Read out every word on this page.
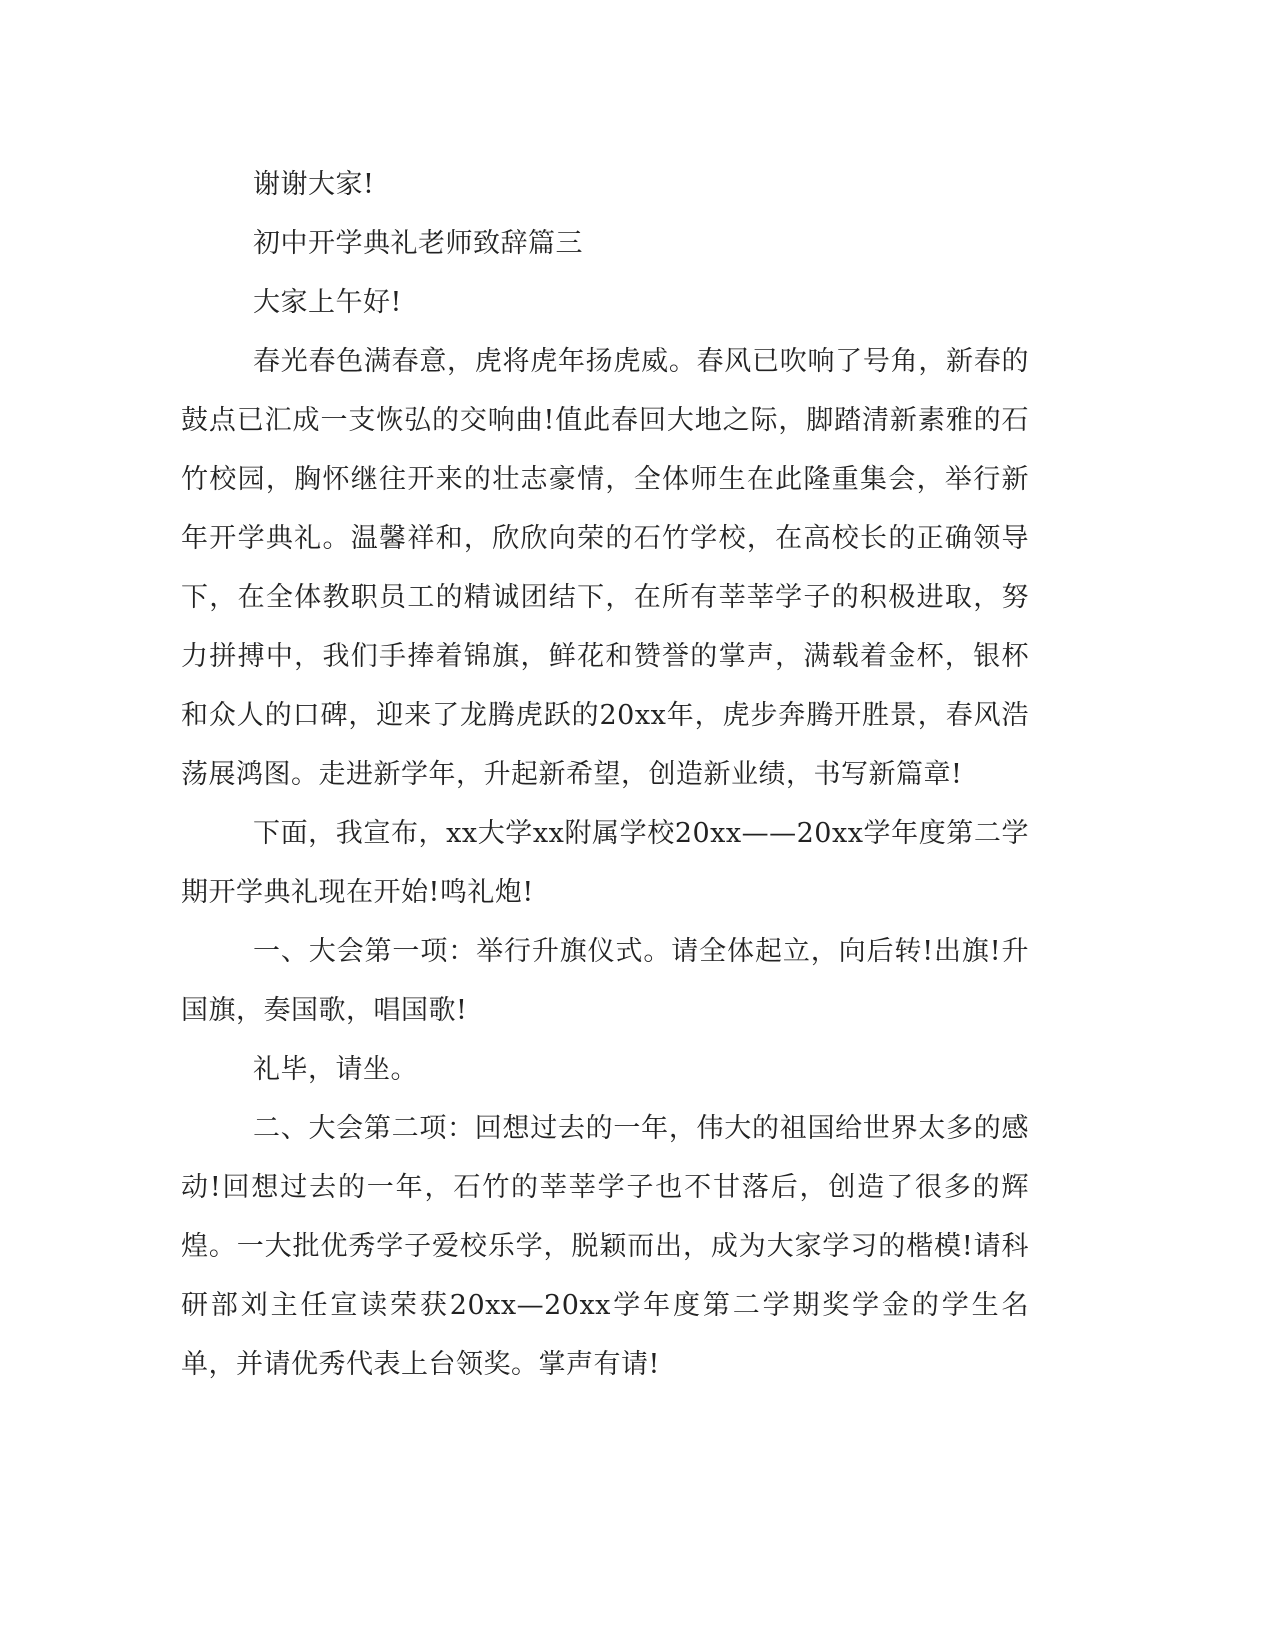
谢谢大家!

初中开学典礼老师致辞篇三

大家上午好!

春光春色满春意，虎将虎年扬虎威。春风已吹响了号角，新春的鼓点已汇成一支恢弘的交响曲!值此春回大地之际，脚踏清新素雅的石竹校园，胸怀继往开来的壮志豪情，全体师生在此隆重集会，举行新年开学典礼。温馨祥和，欣欣向荣的石竹学校，在高校长的正确领导下，在全体教职员工的精诚团结下，在所有莘莘学子的积极进取，努力拼搏中，我们手捧着锦旗，鲜花和赞誉的掌声，满载着金杯，银杯和众人的口碑，迎来了龙腾虎跃的20xx年，虎步奔腾开胜景，春风浩荡展鸿图。走进新学年，升起新希望，创造新业绩，书写新篇章!

下面，我宣布，xx大学xx附属学校20xx——20xx学年度第二学期开学典礼现在开始!鸣礼炮!

一、大会第一项：举行升旗仪式。请全体起立，向后转!出旗!升国旗，奏国歌，唱国歌!

礼毕，请坐。

二、大会第二项：回想过去的一年，伟大的祖国给世界太多的感动!回想过去的一年，石竹的莘莘学子也不甘落后，创造了很多的辉煌。一大批优秀学子爱校乐学，脱颖而出，成为大家学习的楷模!请科研部刘主任宣读荣获20xx—20xx学年度第二学期奖学金的学生名单，并请优秀代表上台领奖。掌声有请!
